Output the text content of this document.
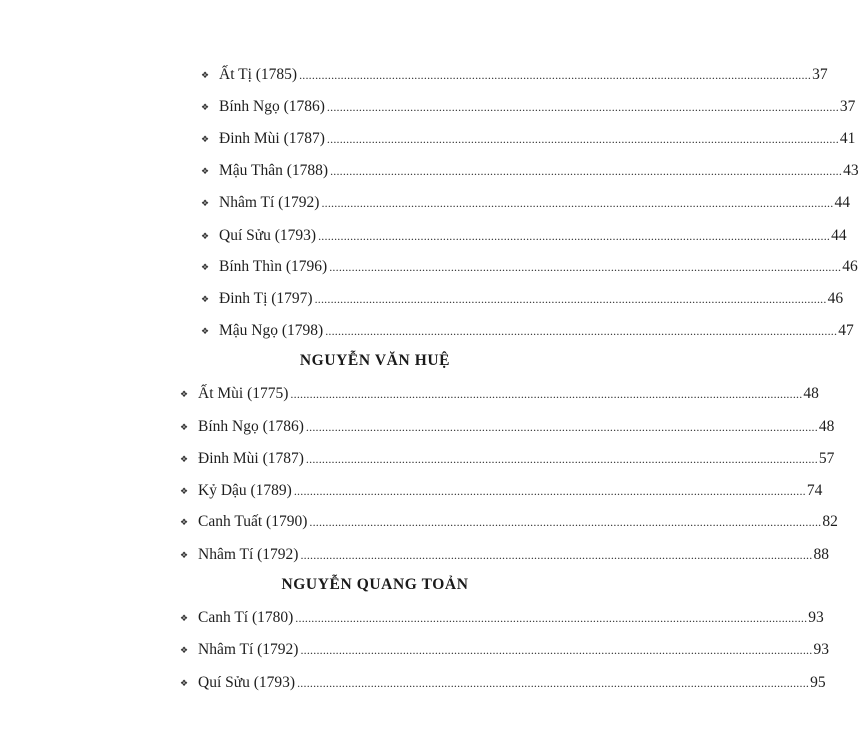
❖ Ất Tị (1785) ................................................................................................................................................................ 37
❖ Bính Ngọ (1786) ................................................................................................................................................................ 37
❖ Đinh Mùi (1787) ................................................................................................................................................................ 41
❖ Mậu Thân (1788) ................................................................................................................................................................ 43
❖ Nhâm Tí (1792) ................................................................................................................................................................ 44
❖ Quí Sửu (1793) ................................................................................................................................................................ 44
❖ Bính Thìn (1796) ................................................................................................................................................................ 46
❖ Đinh Tị (1797) ................................................................................................................................................................ 46
❖ Mậu Ngọ (1798) ................................................................................................................................................................ 47
NGUYỄN VĂN HUỆ
❖ Ất Mùi (1775) ................................................................................................................................................................ 48
❖ Bính Ngọ (1786) ................................................................................................................................................................ 48
❖ Đinh Mùi (1787) ................................................................................................................................................................ 57
❖ Kỷ Dậu (1789) ................................................................................................................................................................ 74
❖ Canh Tuất (1790) ................................................................................................................................................................ 82
❖ Nhâm Tí (1792) ................................................................................................................................................................ 88
NGUYỄN QUANG TOẢN
❖ Canh Tí (1780) ................................................................................................................................................................ 93
❖ Nhâm Tí (1792) ................................................................................................................................................................ 93
❖ Quí Sửu (1793) ................................................................................................................................................................ 95
